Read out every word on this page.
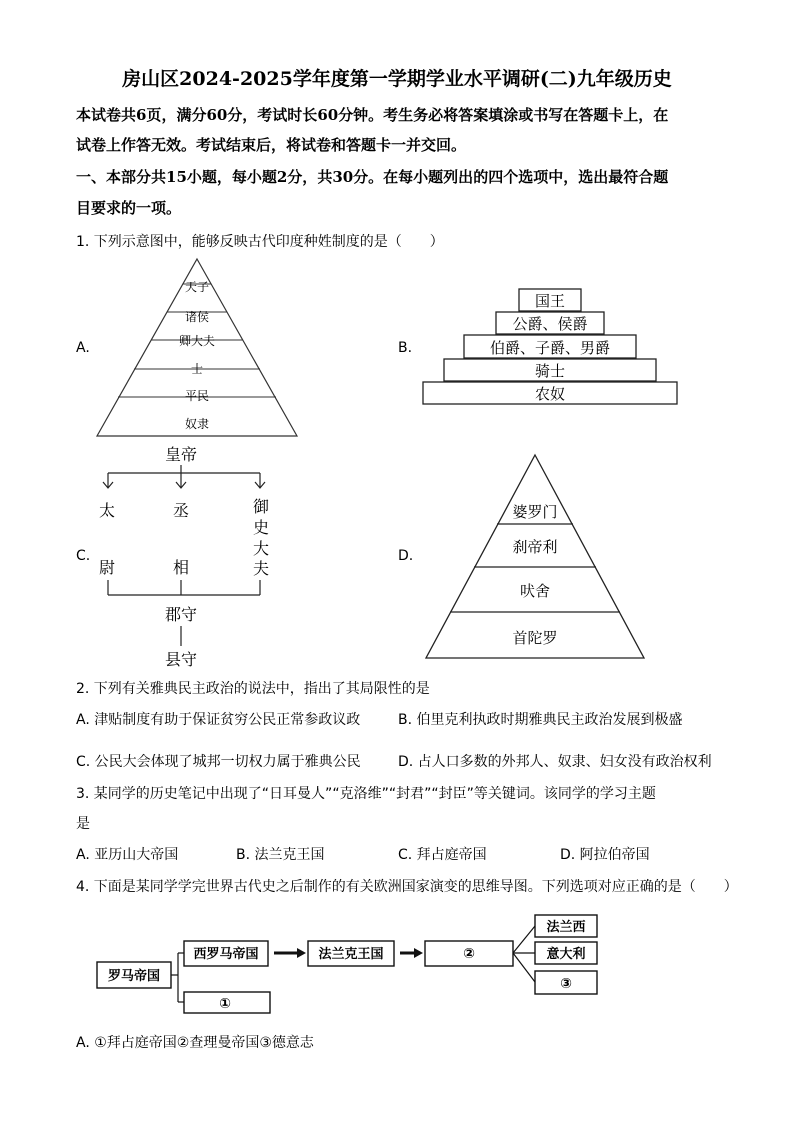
房山区2024-2025学年度第一学期学业水平调研(二)九年级历史
本试卷共6页，满分60分，考试时长60分钟。考生务必将答案填涂或书写在答题卡上，在
试卷上作答无效。考试结束后，将试卷和答题卡一并交回。
一、本部分共15小题，每小题2分，共30分。在每小题列出的四个选项中，选出最符合题
目要求的一项。
1. 下列示意图中，能够反映古代印度种姓制度的是（　　）
A.	B.
C.	D.
天子
诸侯
卿大夫
士
平民
奴隶
国王
公爵、侯爵
伯爵、子爵、男爵
骑士
农奴
皇帝
太
尉
丞
相
御
史
大
夫
郡守
县守
婆罗门
刹帝利
吠舍
首陀罗
2. 下列有关雅典民主政治的说法中，指出了其局限性的是
A. 津贴制度有助于保证贫穷公民正常参政议政	B. 伯里克利执政时期雅典民主政治发展到极盛
C. 公民大会体现了城邦一切权力属于雅典公民	D. 占人口多数的外邦人、奴隶、妇女没有政治权利
3. 某同学的历史笔记中出现了“日耳曼人”“克洛维”“封君”“封臣”等关键词。该同学的学习主题
是
A. 亚历山大帝国	B. 法兰克王国	C. 拜占庭帝国	D. 阿拉伯帝国
4. 下面是某同学学完世界古代史之后制作的有关欧洲国家演变的思维导图。下列选项对应正确的是（　　）
罗马帝国
西罗马帝国
①
法兰克王国	②
法兰西
意大利
③
A. ①拜占庭帝国②查理曼帝国③德意志
